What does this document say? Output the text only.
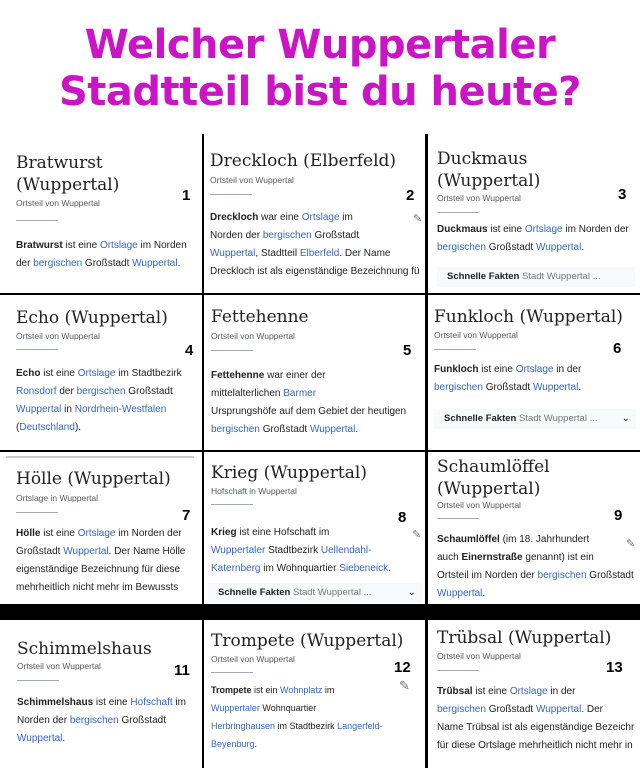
Welcher Wuppertaler Stadtteil bist du heute?
Bratwurst (Wuppertal)
Ortsteil von Wuppertal	1

Bratwurst ist eine Ortslage im Norden
der bergischen Großstadt Wuppertal.

Dreckloch (Elberfeld)
Ortsteil von Wuppertal
2
✎

Dreckloch war eine Ortslage im
Norden der bergischen Großstadt
Wuppertal, Stadtteil Elberfeld. Der Name
Dreckloch ist als eigenständige Bezeichnung fü

Duckmaus (Wuppertal)
Ortsteil von Wuppertal	3

Duckmaus ist eine Ortslage im Norden der
bergischen Großstadt Wuppertal.

Schnelle Fakten Stadt Wuppertal ...
Echo (Wuppertal)
Ortsteil von Wuppertal
4

Echo ist eine Ortslage im Stadtbezirk
Ronsdorf der bergischen Großstadt
Wuppertal in Nordrhein-Westfalen
(Deutschland).

Fettehenne
Ortsteil von Wuppertal
5

Fettehenne war einer der
mittelalterlichen Barmer
Ursprungshöfe auf dem Gebiet der heutigen
bergischen Großstadt Wuppertal.

Funkloch (Wuppertal)
Ortsteil von Wuppertal
6

Funkloch ist eine Ortslage in der
bergischen Großstadt Wuppertal.

Schnelle Fakten Stadt Wuppertal ... ⌄
Hölle (Wuppertal)
Ortslage in Wuppertal
7

Hölle ist eine Ortslage im Norden der
Großstadt Wuppertal. Der Name Hölle
eigenständige Bezeichnung für diese
mehrheitlich nicht mehr im Bewussts

Krieg (Wuppertal)
Hofschaft in Wuppertal
8
✎

Krieg ist eine Hofschaft im
Wuppertaler Stadtbezirk Uellendahl-
Katernberg im Wohnquartier Siebeneick.

Schnelle Fakten Stadt Wuppertal ...	⌄
Schaumlöffel (Wuppertal)
Ortsteil von Wuppertal
9
✎

Schaumlöffel (im 18. Jahrhundert
auch Einernstraße genannt) ist ein
Ortsteil im Norden der bergischen Großstadt
Wuppertal.

Schimmelshaus
Ortsteil von Wuppertal	11

Schimmelshaus ist eine Hofschaft im
Norden der bergischen Großstadt
Wuppertal.

Trompete (Wuppertal)
Ortsteil von Wuppertal	12
✎

Trompete ist ein Wohnplatz im
Wuppertaler Wohnquartier
Herbringhausen im Stadtbezirk Langerfeld-
Beyenburg.

Trübsal (Wuppertal)
Ortsteil von Wuppertal
13

Trübsal ist eine Ortslage in der
bergischen Großstadt Wuppertal. Der
Name Trübsal ist als eigenständige Bezeichr
für diese Ortslage mehrheitlich nicht mehr in
